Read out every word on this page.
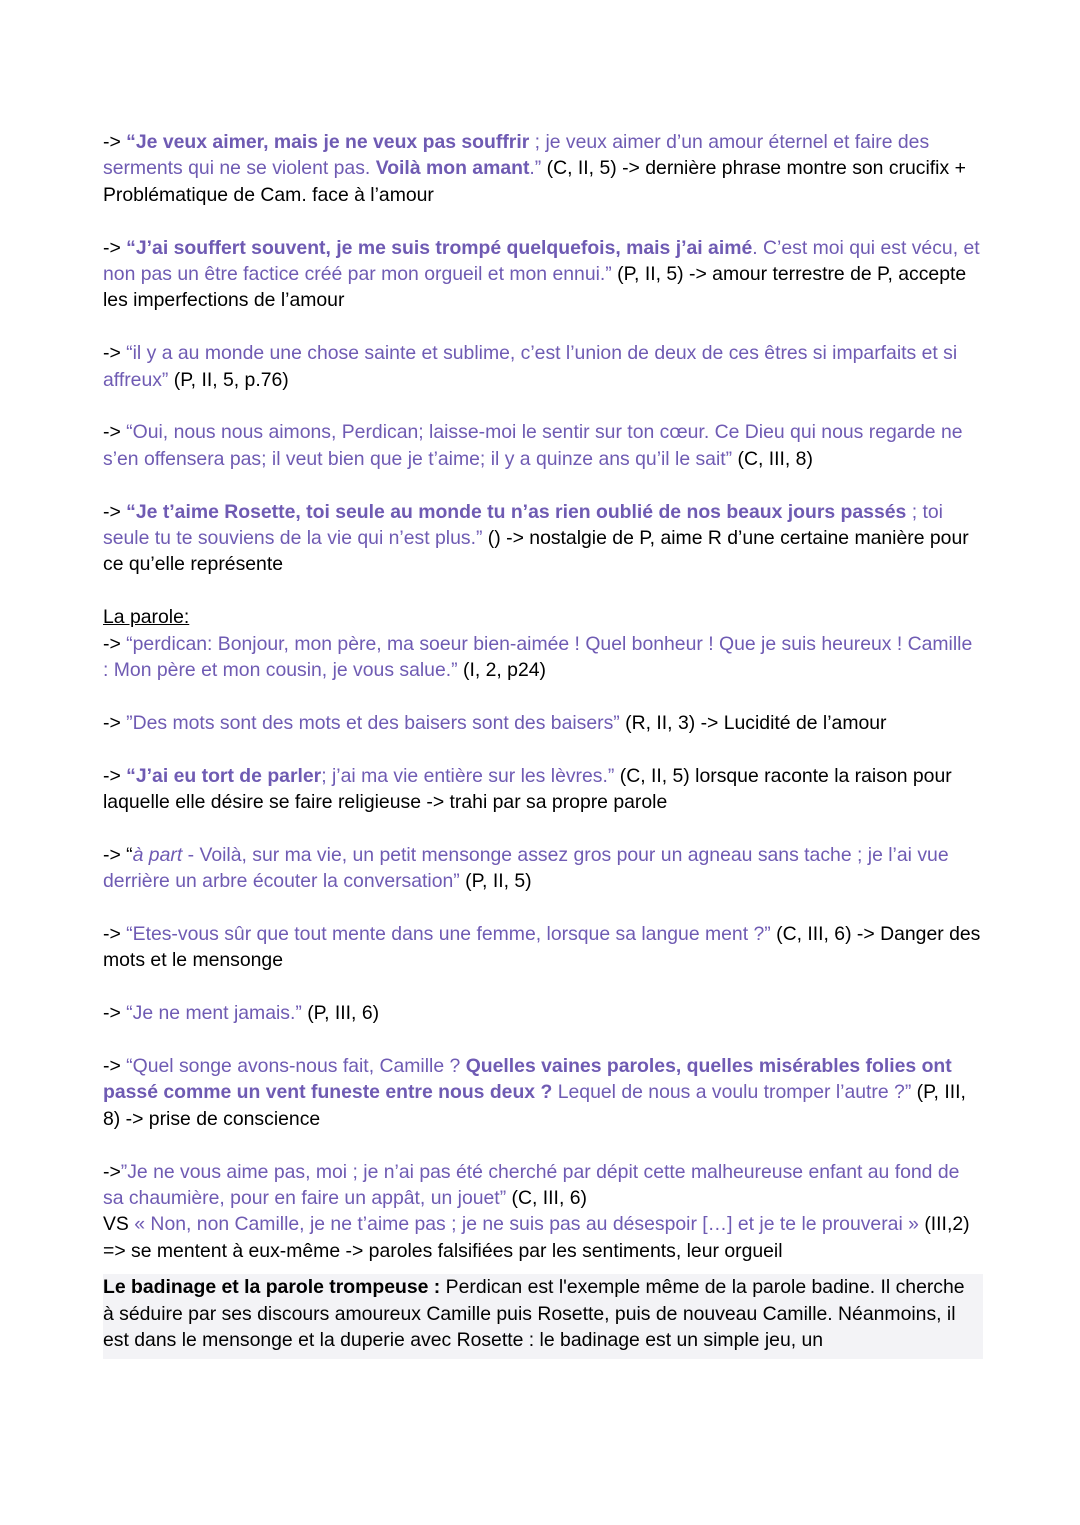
-> “Je veux aimer, mais je ne veux pas souffrir ; je veux aimer d’un amour éternel et faire des serments qui ne se violent pas. Voilà mon amant.” (C, II, 5) -> dernière phrase montre son crucifix + Problématique de Cam. face à l’amour

-> “J’ai souffert souvent, je me suis trompé quelquefois, mais j’ai aimé. C’est moi qui est vécu, et non pas un être factice créé par mon orgueil et mon ennui.” (P, II, 5) -> amour terrestre de P, accepte les imperfections de l’amour

-> “il y a au monde une chose sainte et sublime, c’est l’union de deux de ces êtres si imparfaits et si affreux” (P, II, 5, p.76)

-> “Oui, nous nous aimons, Perdican; laisse-moi le sentir sur ton cœur. Ce Dieu qui nous regarde ne s’en offensera pas; il veut bien que je t’aime; il y a quinze ans qu’il le sait” (C, III, 8)

-> “Je t’aime Rosette, toi seule au monde tu n’as rien oublié de nos beaux jours passés ; toi seule tu te souviens de la vie qui n’est plus.” () -> nostalgie de P, aime R d’une certaine manière pour ce qu’elle représente

La parole:

-> “perdican: Bonjour, mon père, ma soeur bien-aimée ! Quel bonheur ! Que je suis heureux ! Camille : Mon père et mon cousin, je vous salue.” (I, 2, p24)

-> ”Des mots sont des mots et des baisers sont des baisers” (R, II, 3) -> Lucidité de l’amour

-> “J’ai eu tort de parler; j’ai ma vie entière sur les lèvres.” (C, II, 5) lorsque raconte la raison pour laquelle elle désire se faire religieuse -> trahi par sa propre parole

-> “à part - Voilà, sur ma vie, un petit mensonge assez gros pour un agneau sans tache ; je l’ai vue derrière un arbre écouter la conversation” (P, II, 5)

-> “Etes-vous sûr que tout mente dans une femme, lorsque sa langue ment ?” (C, III, 6) -> Danger des mots et le mensonge

-> “Je ne ment jamais.” (P, III, 6)

-> “Quel songe avons-nous fait, Camille ? Quelles vaines paroles, quelles misérables folies ont passé comme un vent funeste entre nous deux ? Lequel de nous a voulu tromper l’autre ?” (P, III, 8) -> prise de conscience

->”Je ne vous aime pas, moi ; je n’ai pas été cherché par dépit cette malheureuse enfant au fond de sa chaumière, pour en faire un appât, un jouet” (C, III, 6)
VS « Non, non Camille, je ne t’aime pas ; je ne suis pas au désespoir […] et je te le prouverai » (III,2) => se mentent à eux-même -> paroles falsifiées par les sentiments, leur orgueil

Le badinage et la parole trompeuse : Perdican est l'exemple même de la parole badine. Il cherche à séduire par ses discours amoureux Camille puis Rosette, puis de nouveau Camille. Néanmoins, il est dans le mensonge et la duperie avec Rosette : le badinage est un simple jeu, un
